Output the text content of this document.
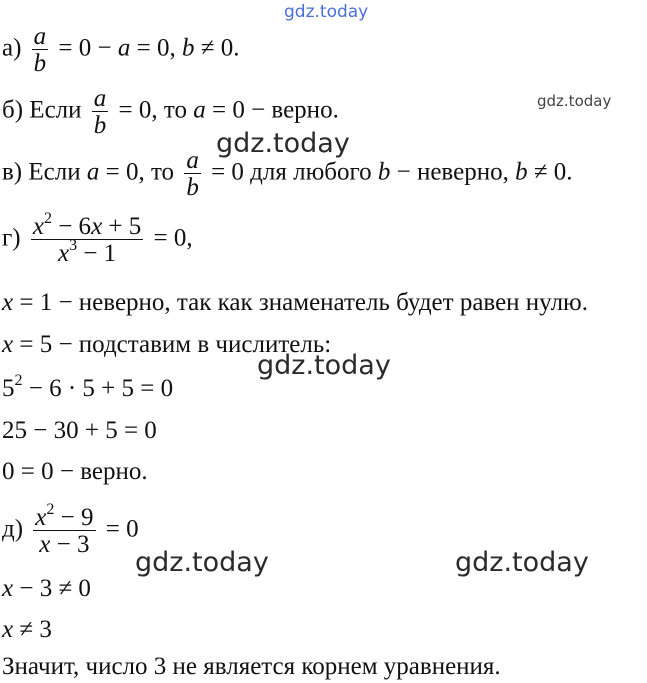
gdz.today
gdz.today
gdz.today
gdz.today
gdz.today	gdz.today
$а) \frac{a}{b} = 0 - a = 0$, b ≠ 0.
б) Если $\frac{a}{b} = 0$, то a = 0 − верно.
в) Если a = 0, то $\frac{a}{b} = 0$ для любого b − неверно, b ≠ 0.
$г) \frac{x^2 - 6x + 5}{x^3 - 1} = 0$,
x = 1 − неверно, так как знаменатель будет равен нулю.
x = 5 − подставим в числитель:
$5^2 - 6 \cdot 5 + 5 = 0$
25 − 30 + 5 = 0
0 = 0 − верно.
$д) \frac{x^2 - 9}{x - 3} = 0$
x − 3 ≠ 0
x ≠ 3
Значит, число 3 не является корнем уравнения.
